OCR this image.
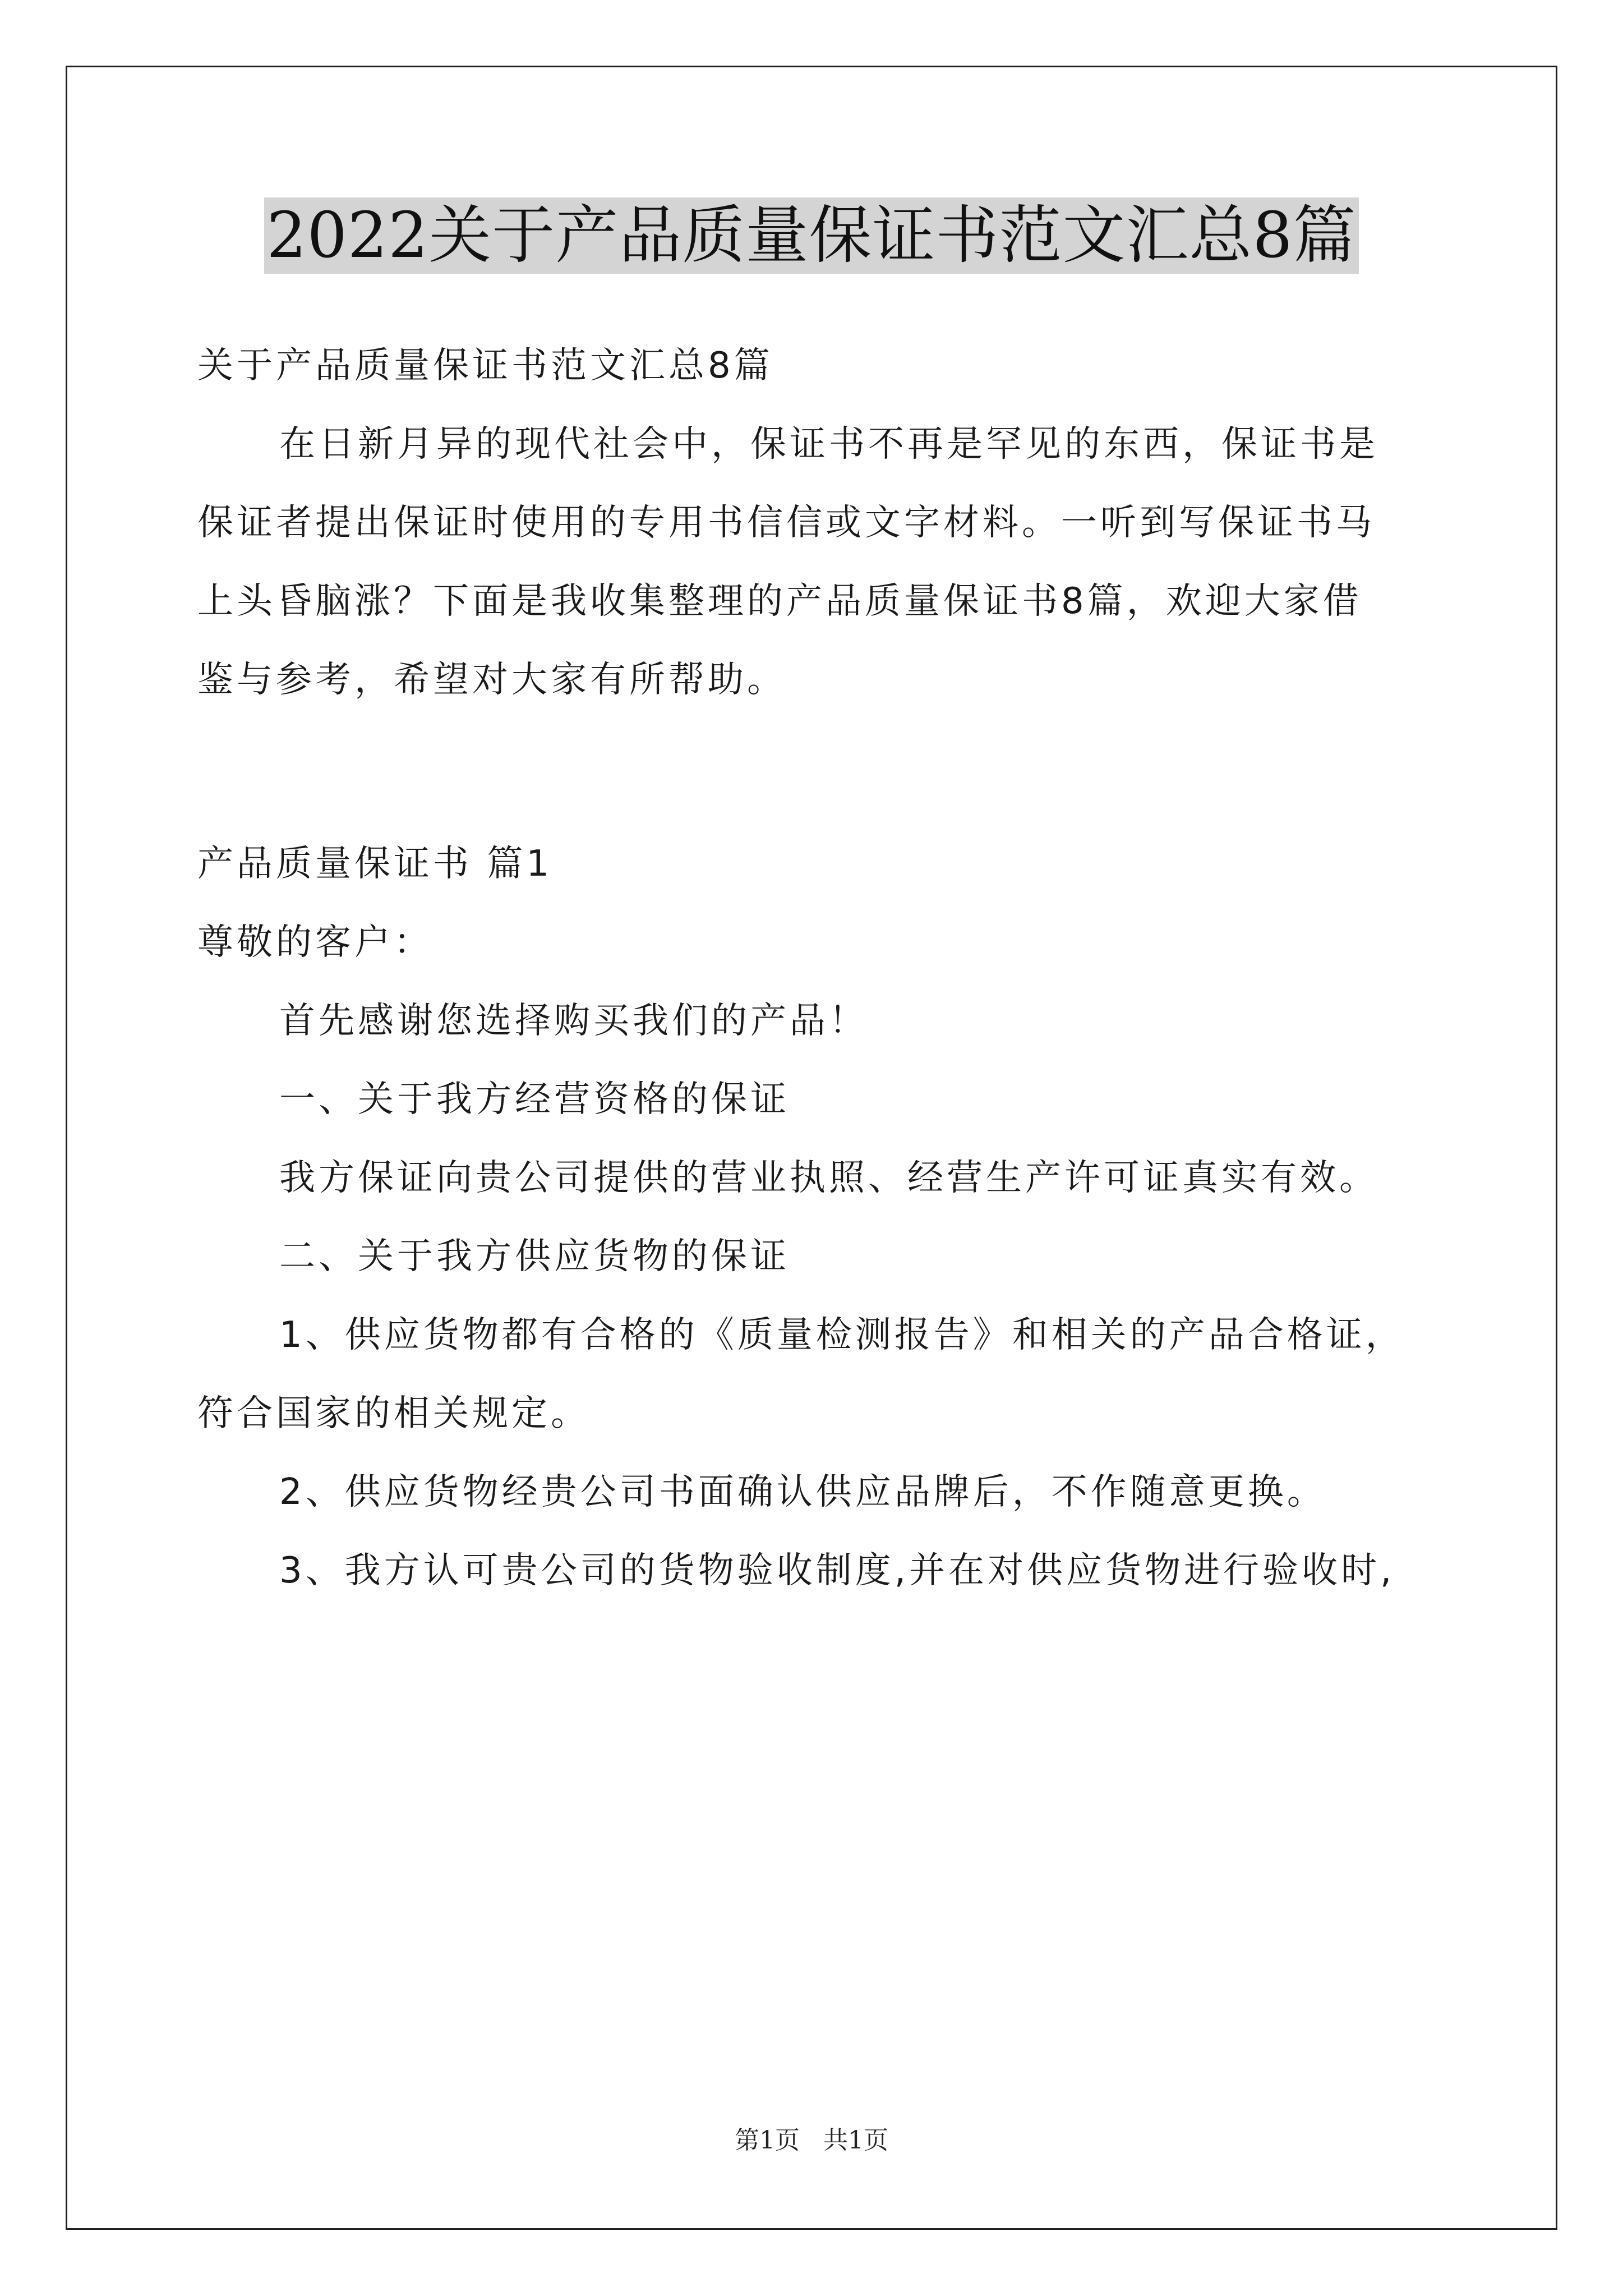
2022关于产品质量保证书范文汇总8篇
关于产品质量保证书范文汇总8篇
在日新月异的现代社会中，保证书不再是罕见的东西，保证书是
保证者提出保证时使用的专用书信信或文字材料。一听到写保证书马
上头昏脑涨？下面是我收集整理的产品质量保证书8篇，欢迎大家借
鉴与参考，希望对大家有所帮助。
产品质量保证书 篇1
尊敬的客户：
首先感谢您选择购买我们的产品！
一、关于我方经营资格的保证
我方保证向贵公司提供的营业执照、经营生产许可证真实有效。
二、关于我方供应货物的保证
1、供应货物都有合格的《质量检测报告》和相关的产品合格证，
符合国家的相关规定。
2、供应货物经贵公司书面确认供应品牌后，不作随意更换。
3、我方认可贵公司的货物验收制度,并在对供应货物进行验收时,
第1页 共1页
